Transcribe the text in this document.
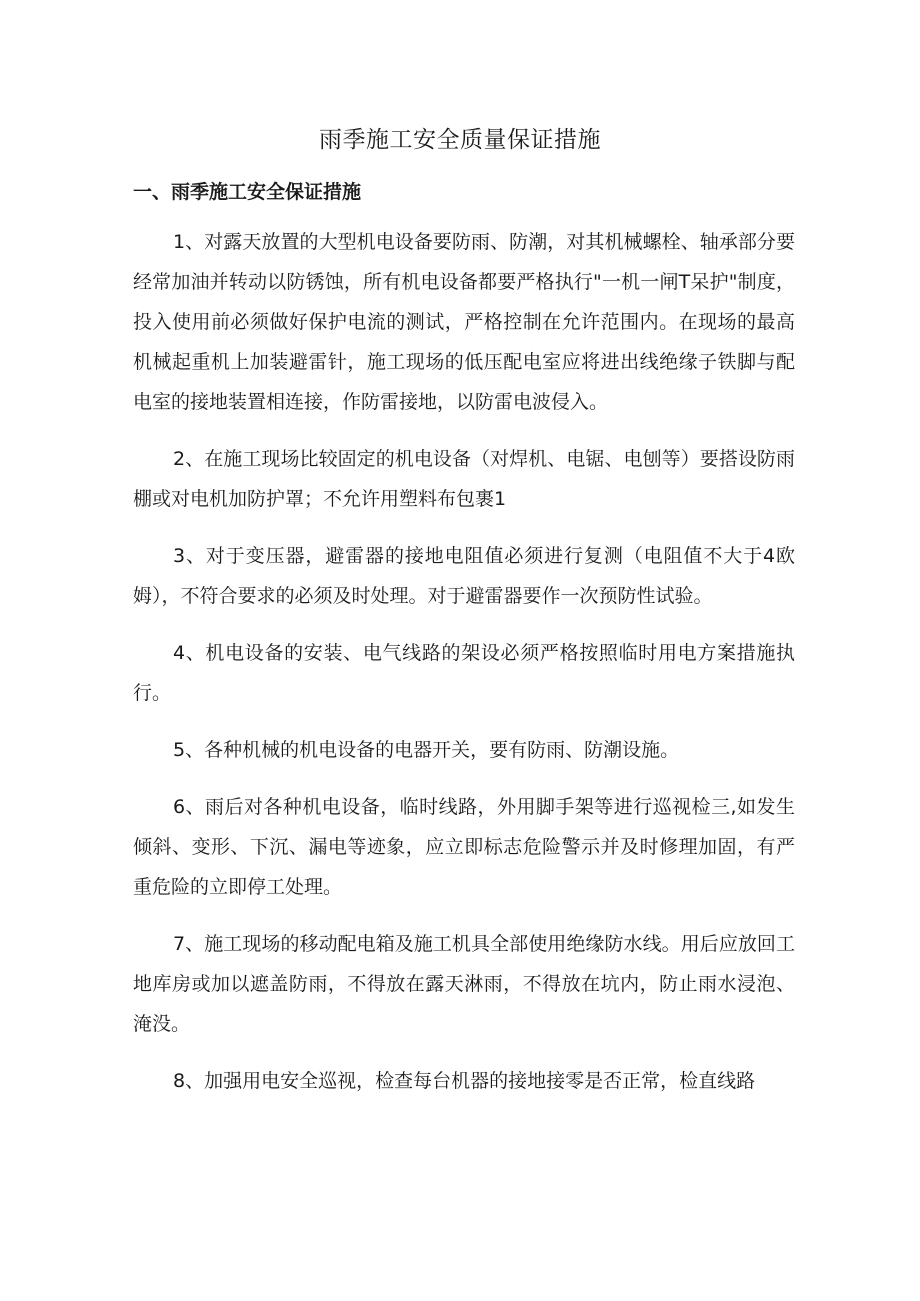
雨季施工安全质量保证措施
一、雨季施工安全保证措施

1、对露天放置的大型机电设备要防雨、防潮，对其机械螺栓、轴承部分要经常加油并转动以防锈蚀，所有机电设备都要严格执行"一机一闸T呆护"制度，投入使用前必须做好保护电流的测试，严格控制在允许范围内。在现场的最高机械起重机上加装避雷针，施工现场的低压配电室应将进出线绝缘子铁脚与配电室的接地装置相连接，作防雷接地，以防雷电波侵入。

2、在施工现场比较固定的机电设备（对焊机、电锯、电刨等）要搭设防雨棚或对电机加防护罩；不允许用塑料布包裹1

3、对于变压器，避雷器的接地电阻值必须进行复测（电阻值不大于4欧姆），不符合要求的必须及时处理。对于避雷器要作一次预防性试验。

4、机电设备的安装、电气线路的架设必须严格按照临时用电方案措施执行。

5、各种机械的机电设备的电器开关，要有防雨、防潮设施。

6、雨后对各种机电设备，临时线路，外用脚手架等进行巡视检三,如发生倾斜、变形、下沉、漏电等迹象，应立即标志危险警示并及时修理加固，有严重危险的立即停工处理。

7、施工现场的移动配电箱及施工机具全部使用绝缘防水线。用后应放回工地库房或加以遮盖防雨，不得放在露天淋雨，不得放在坑内，防止雨水浸泡、淹没。

8、加强用电安全巡视，检查每台机器的接地接零是否正常，检直线路
